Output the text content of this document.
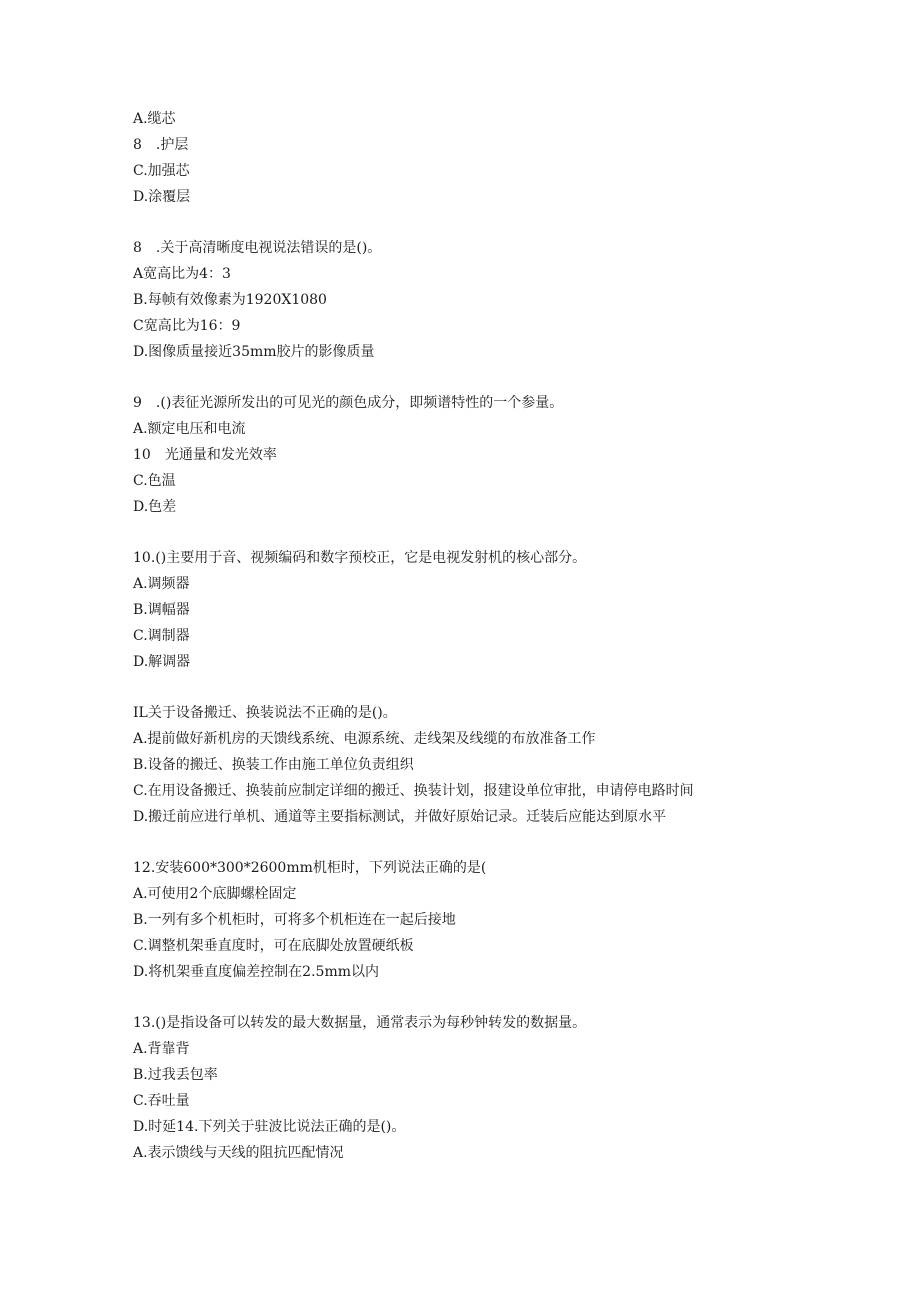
A.缆芯
8　.护层
C.加强芯
D.涂覆层
8　.关于高清晰度电视说法错误的是()。
A宽高比为4：3
B.每帧有效像素为1920X1080
C宽高比为16：9
D.图像质量接近35mm胶片的影像质量
9　.()表征光源所发出的可见光的颜色成分，即频谱特性的一个参量。
A.额定电压和电流
10　光通量和发光效率
C.色温
D.色差
10.()主要用于音、视频编码和数字预校正，它是电视发射机的核心部分。
A.调频器
B.调幅器
C.调制器
D.解调器
IL关于设备搬迁、换装说法不正确的是()。
A.提前做好新机房的天馈线系统、电源系统、走线架及线缆的布放准备工作
B.设备的搬迁、换装工作由施工单位负责组织
C.在用设备搬迁、换装前应制定详细的搬迁、换装计划，报建设单位审批，申请停电路时间
D.搬迁前应进行单机、通道等主要指标测试，并做好原始记录。迁装后应能达到原水平
12.安装600*300*2600mm机柜时，下列说法正确的是(
A.可使用2个底脚螺栓固定
B.一列有多个机柜时，可将多个机柜连在一起后接地
C.调整机架垂直度时，可在底脚处放置硬纸板
D.将机架垂直度偏差控制在2.5mm以内
13.()是指设备可以转发的最大数据量，通常表示为每秒钟转发的数据量。
A.背靠背
B.过我丢包率
C.吞吐量
D.时延14.下列关于驻波比说法正确的是()。
A.表示馈线与天线的阻抗匹配情况
